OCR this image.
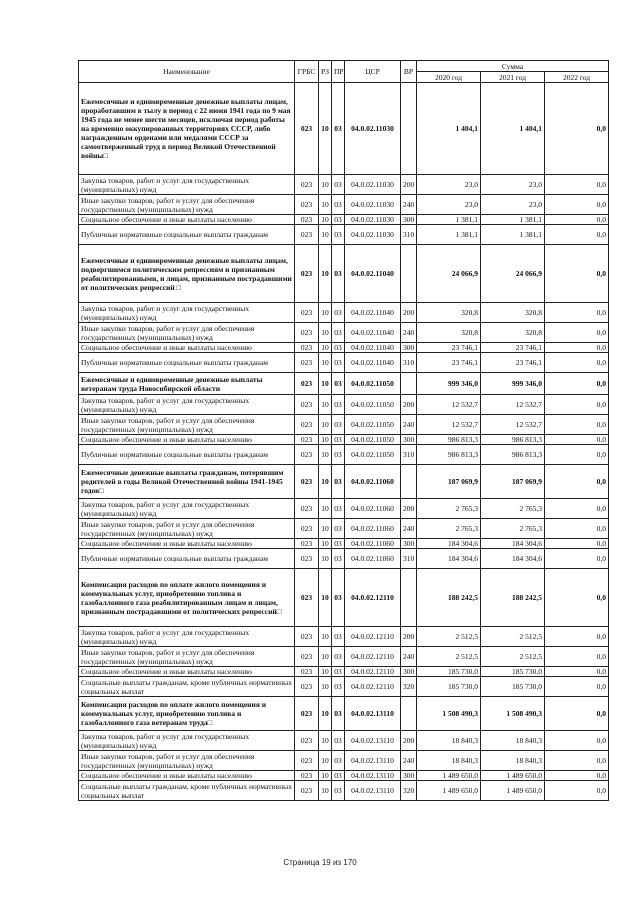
Наименование	ГРБС	РЗ	ПР	ЦСР	ВР	Сумма		
						2020 год	2021 год	2022 год
Ежемесячные и единовременные денежные выплаты лицам, проработавшим в тылу в период с 22 июня 1941 года по 9 мая 1945 года не менее шести месяцев, исключая период работы на временно оккупированных территориях СССР, либо награжденным орденами или медалями СССР за самоотверженный труд в период Великой Отечественной войны□	023	10	03	04.0.02.11030		1 404,1	1 404,1	0,0
Закупка товаров, работ и услуг для государственных (муниципальных) нужд	023	10	03	04.0.02.11030	200	23,0	23,0	0,0
Иные закупки товаров, работ и услуг для обеспечения государственных (муниципальных) нужд	023	10	03	04.0.02.11030	240	23,0	23,0	0,0
Социальное обеспечение и иные выплаты населению	023	10	03	04.0.02.11030	300	1 381,1	1 381,1	0,0
Публичные нормативные социальные выплаты гражданам	023	10	03	04.0.02.11030	310	1 381,1	1 381,1	0,0
Ежемесячные и единовременные денежные выплаты лицам, подвергшимся политическим репрессиям и признанным реабилитированными, и лицам, признанным пострадавшими от политических репрессий □	023	10	03	04.0.02.11040		24 066,9	24 066,9	0,0
Закупка товаров, работ и услуг для государственных (муниципальных) нужд	023	10	03	04.0.02.11040	200	320,8	320,8	0,0
Иные закупки товаров, работ и услуг для обеспечения государственных (муниципальных) нужд	023	10	03	04.0.02.11040	240	320,8	320,8	0,0
Социальное обеспечение и иные выплаты населению	023	10	03	04.0.02.11040	300	23 746,1	23 746,1	0,0
Публичные нормативные социальные выплаты гражданам	023	10	03	04.0.02.11040	310	23 746,1	23 746,1	0,0
Ежемесячные и единовременные денежные выплаты ветеранам труда Новосибирской области	023	10	03	04.0.02.11050		999 346,0	999 346,0	0,0
Закупка товаров, работ и услуг для государственных (муниципальных) нужд	023	10	03	04.0.02.11050	200	12 532,7	12 532,7	0,0
Иные закупки товаров, работ и услуг для обеспечения государственных (муниципальных) нужд	023	10	03	04.0.02.11050	240	12 532,7	12 532,7	0,0
Социальное обеспечение и иные выплаты населению	023	10	03	04.0.02.11050	300	986 813,3	986 813,3	0,0
Публичные нормативные социальные выплаты гражданам	023	10	03	04.0.02.11050	310	986 813,3	986 813,3	0,0
Ежемесячные денежные выплаты гражданам, потерявшим родителей в годы Великой Отечественной войны 1941-1945 годов□	023	10	03	04.0.02.11060		187 069,9	187 069,9	0,0
Закупка товаров, работ и услуг для государственных (муниципальных) нужд	023	10	03	04.0.02.11060	200	2 765,3	2 765,3	0,0
Иные закупки товаров, работ и услуг для обеспечения государственных (муниципальных) нужд	023	10	03	04.0.02.11060	240	2 765,3	2 765,3	0,0
Социальное обеспечение и иные выплаты населению	023	10	03	04.0.02.11060	300	184 304,6	184 304,6	0,0
Публичные нормативные социальные выплаты гражданам	023	10	03	04.0.02.11060	310	184 304,6	184 304,6	0,0
Компенсация расходов по оплате жилого помещения и коммунальных услуг, приобретению топлива и газобаллонного газа реабилитированным лицам и лицам, признанным пострадавшими от политических репрессий□	023	10	03	04.0.02.12110		188 242,5	188 242,5	0,0
Закупка товаров, работ и услуг для государственных (муниципальных) нужд	023	10	03	04.0.02.12110	200	2 512,5	2 512,5	0,0
Иные закупки товаров, работ и услуг для обеспечения государственных (муниципальных) нужд	023	10	03	04.0.02.12110	240	2 512,5	2 512,5	0,0
Социальное обеспечение и иные выплаты населению	023	10	03	04.0.02.12110	300	185 730,0	185 730,0	0,0
Социальные выплаты гражданам, кроме публичных нормативных социальных выплат	023	10	03	04.0.02.12110	320	185 730,0	185 730,0	0,0
Компенсация расходов по оплате жилого помещения и коммунальных услуг, приобретению топлива и газобаллонного газа ветеранам труда□	023	10	03	04.0.02.13110		1 508 490,3	1 508 490,3	0,0
Закупка товаров, работ и услуг для государственных (муниципальных) нужд	023	10	03	04.0.02.13110	200	18 840,3	18 840,3	0,0
Иные закупки товаров, работ и услуг для обеспечения государственных (муниципальных) нужд	023	10	03	04.0.02.13110	240	18 840,3	18 840,3	0,0
Социальное обеспечение и иные выплаты населению	023	10	03	04.0.02.13110	300	1 489 650,0	1 489 650,0	0,0
Социальные выплаты гражданам, кроме публичных нормативных социальных выплат	023	10	03	04.0.02.13110	320	1 489 650,0	1 489 650,0	0,0
Страница 19 из 170
